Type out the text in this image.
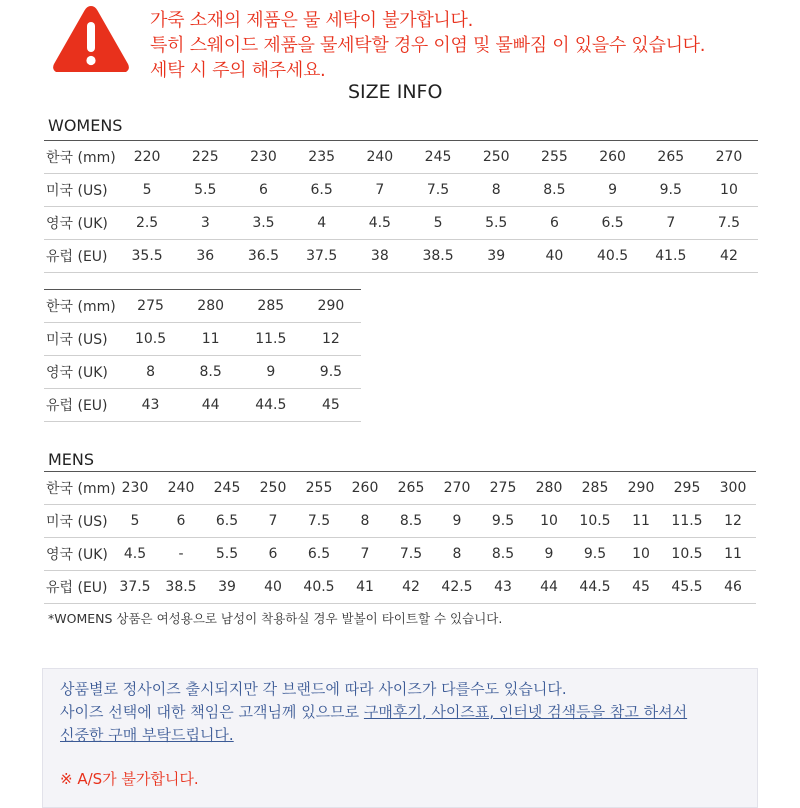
가죽 소재의 제품은 물 세탁이 불가합니다.
특히 스웨이드 제품을 물세탁할 경우 이염 및 물빠짐 이 있을수 있습니다.
세탁 시 주의 해주세요.
SIZE INFO
WOMENS
한국 (mm)	220	225	230	235	240	245	250	255	260	265	270
미국 (US)	5	5.5	6	6.5	7	7.5	8	8.5	9	9.5	10
영국 (UK)	2.5	3	3.5	4	4.5	5	5.5	6	6.5	7	7.5
유럽 (EU)	35.5	36	36.5	37.5	38	38.5	39	40	40.5	41.5	42
한국 (mm)	275	280	285	290
미국 (US)	10.5	11	11.5	12
영국 (UK)	8	8.5	9	9.5
유럽 (EU)	43	44	44.5	45
MENS
한국 (mm)	230	240	245	250	255	260	265	270	275	280	285	290	295	300
미국 (US)	5	6	6.5	7	7.5	8	8.5	9	9.5	10	10.5	11	11.5	12
영국 (UK)	4.5	-	5.5	6	6.5	7	7.5	8	8.5	9	9.5	10	10.5	11
유럽 (EU)	37.5	38.5	39	40	40.5	41	42	42.5	43	44	44.5	45	45.5	46
*WOMENS 상품은 여성용으로 남성이 착용하실 경우 발볼이 타이트할 수 있습니다.
상품별로 정사이즈 출시되지만 각 브랜드에 따라 사이즈가 다를수도 있습니다.
사이즈 선택에 대한 책임은 고객님께 있으므로 구매후기, 사이즈표, 인터넷 검색등을 참고 하셔서
신중한 구매 부탁드립니다.
※ A/S가 불가합니다.
